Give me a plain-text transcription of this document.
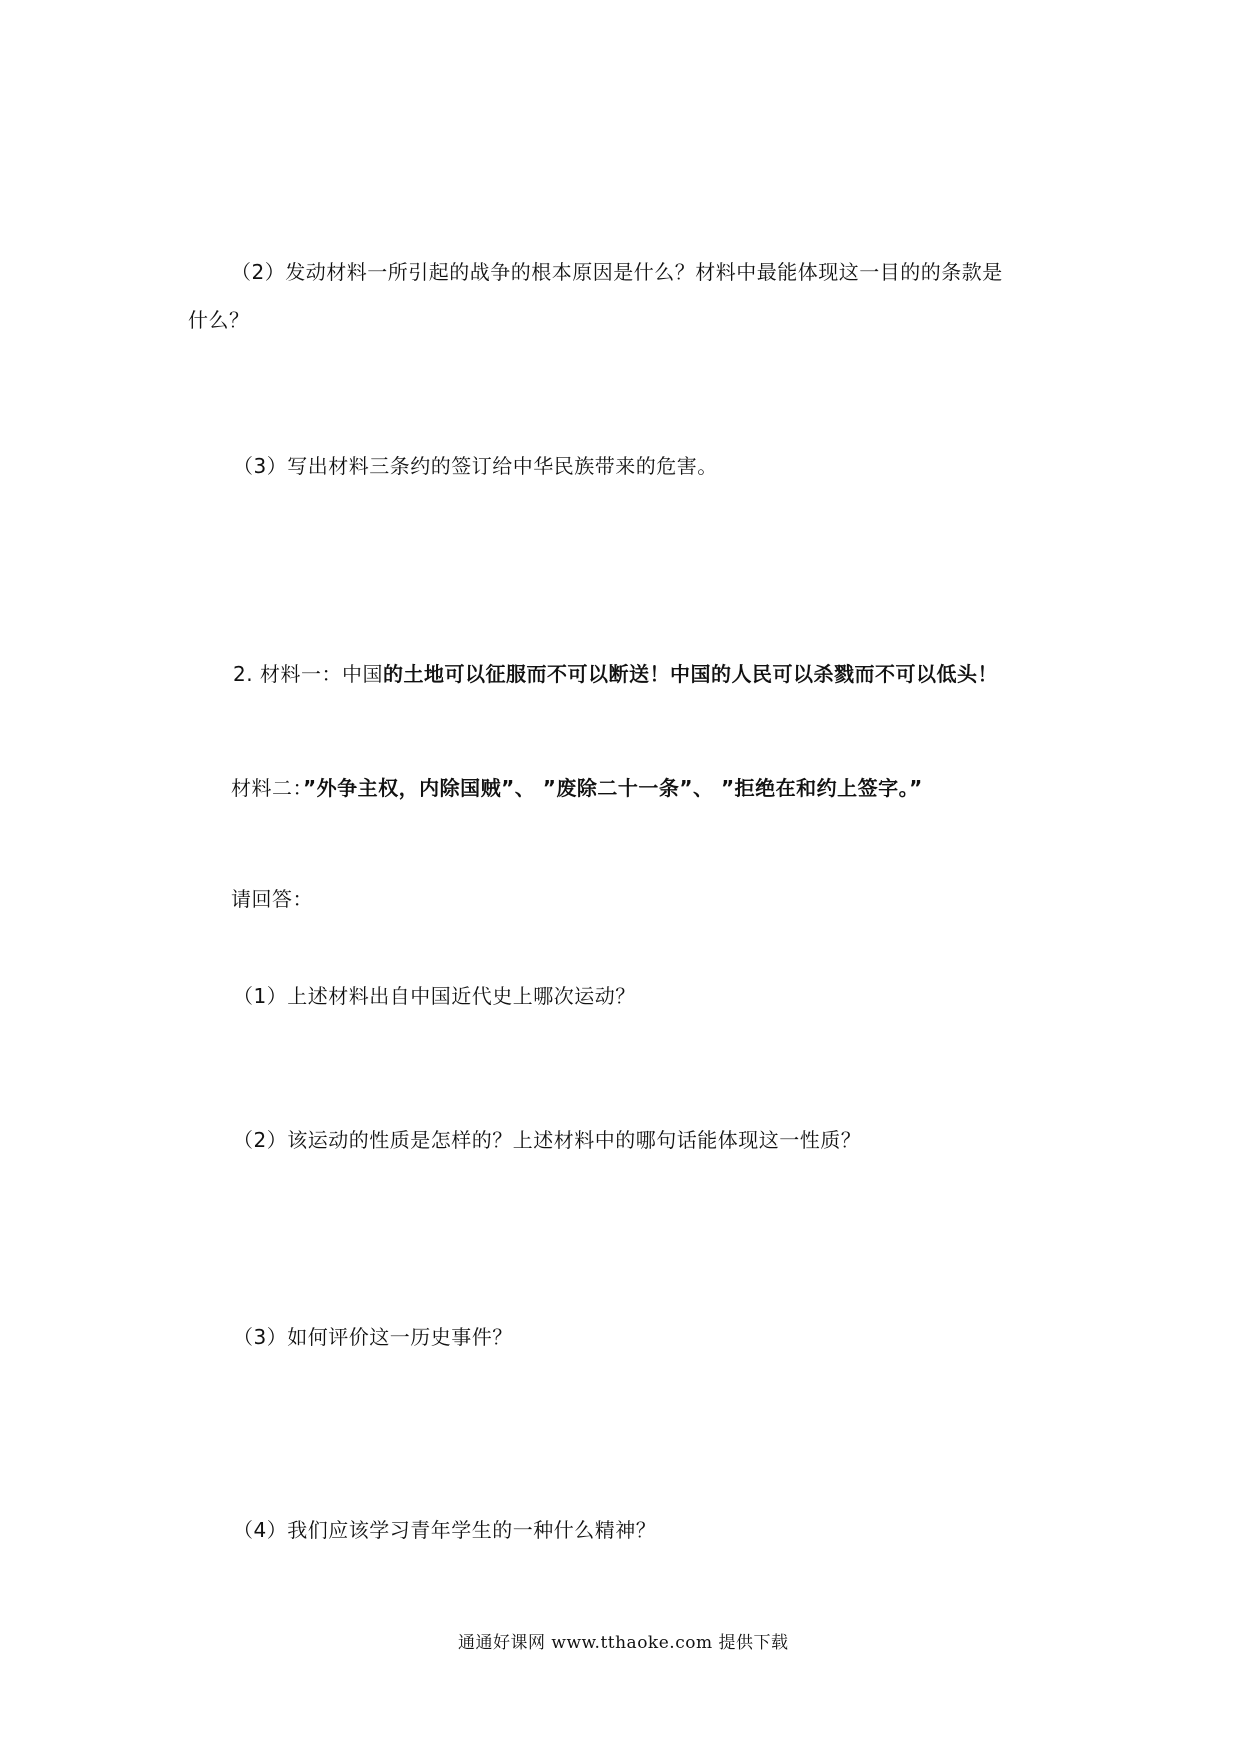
（2）发动材料一所引起的战争的根本原因是什么？材料中最能体现这一目的的条款是
什么？
（3）写出材料三条约的签订给中华民族带来的危害。
2. 材料一：中国的土地可以征服而不可以断送！中国的人民可以杀戮而不可以低头！
材料二：”外争主权，内除国贼”、 ”废除二十一条”、 ”拒绝在和约上签字。”
请回答：
（1）上述材料出自中国近代史上哪次运动？
（2）该运动的性质是怎样的？上述材料中的哪句话能体现这一性质？
（3）如何评价这一历史事件？
（4）我们应该学习青年学生的一种什么精神？
通通好课网 www.tthaoke.com 提供下载
